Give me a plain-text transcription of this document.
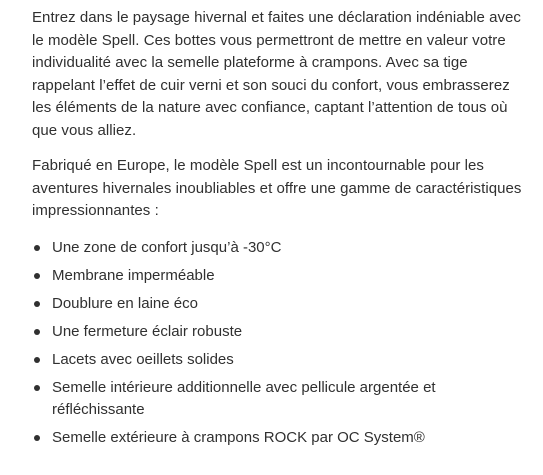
Entrez dans le paysage hivernal et faites une déclaration indéniable avec le modèle Spell. Ces bottes vous permettront de mettre en valeur votre individualité avec la semelle plateforme à crampons. Avec sa tige rappelant l’effet de cuir verni et son souci du confort, vous embrasserez les éléments de la nature avec confiance, captant l’attention de tous où que vous alliez.

Fabriqué en Europe, le modèle Spell est un incontournable pour les aventures hivernales inoubliables et offre une gamme de caractéristiques impressionnantes :

Une zone de confort jusqu’à -30°C
Membrane imperméable
Doublure en laine éco
Une fermeture éclair robuste
Lacets avec oeillets solides
Semelle intérieure additionnelle avec pellicule argentée et réfléchissante
Semelle extérieure à crampons ROCK par OC System®
